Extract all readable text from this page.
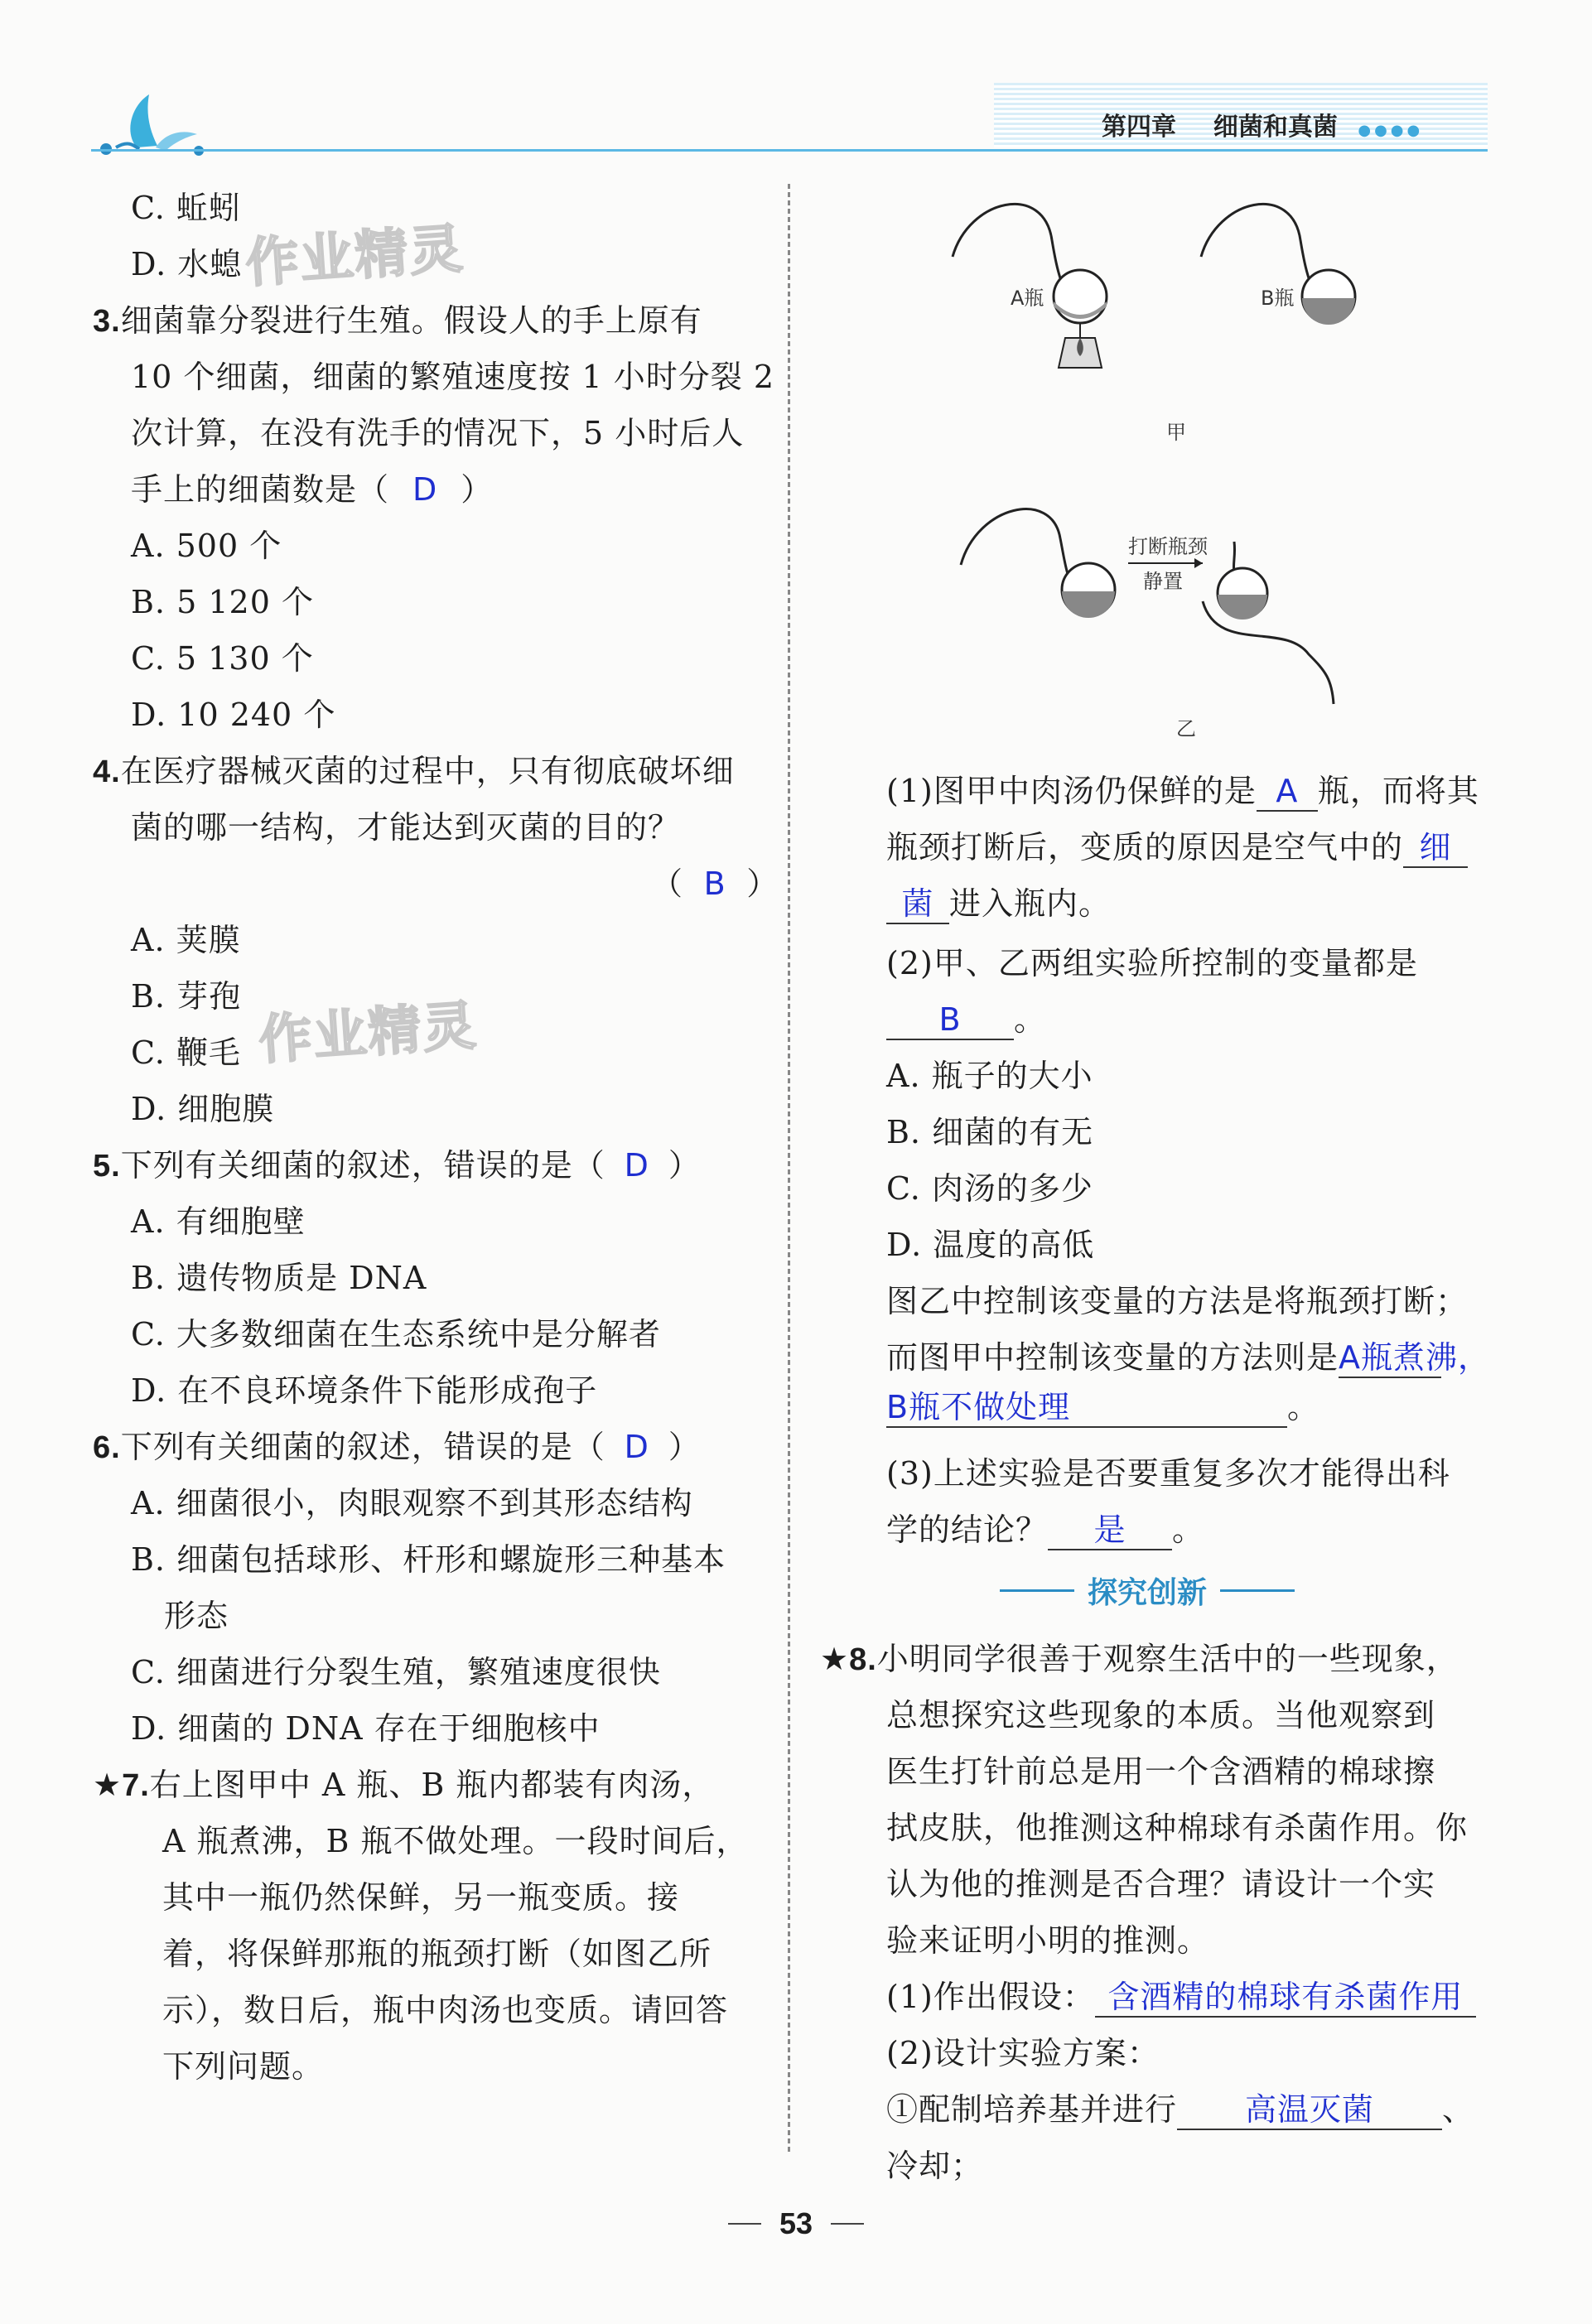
第四章 细菌和真菌 ●●●●
作业精灵
作业精灵
C. 蚯蚓
D. 水螅
3.细菌靠分裂进行生殖。假设人的手上原有
10 个细菌，细菌的繁殖速度按 1 小时分裂 2
次计算，在没有洗手的情况下，5 小时后人
手上的细菌数是（ D ）
A. 500 个
B. 5 120 个
C. 5 130 个
D. 10 240 个
4.在医疗器械灭菌的过程中，只有彻底破坏细
菌的哪一结构，才能达到灭菌的目的？
（ B ）
A. 荚膜
B. 芽孢
C. 鞭毛
D. 细胞膜
5.下列有关细菌的叙述，错误的是（ D ）
A. 有细胞壁
B. 遗传物质是 DNA
C. 大多数细菌在生态系统中是分解者
D. 在不良环境条件下能形成孢子
6.下列有关细菌的叙述，错误的是（ D ）
A. 细菌很小，肉眼观察不到其形态结构
B. 细菌包括球形、杆形和螺旋形三种基本
形态
C. 细菌进行分裂生殖，繁殖速度很快
D. 细菌的 DNA 存在于细胞核中
★7.右上图甲中 A 瓶、B 瓶内都装有肉汤，
A 瓶煮沸，B 瓶不做处理。一段时间后，
其中一瓶仍然保鲜，另一瓶变质。接
着，将保鲜那瓶的瓶颈打断（如图乙所
示），数日后，瓶中肉汤也变质。请回答
下列问题。
A瓶	B瓶
甲
打断瓶颈
静置
乙
(1)图甲中肉汤仍保鲜的是 A 瓶，而将其
瓶颈打断后，变质的原因是空气中的 细
菌 进入瓶内。
(2)甲、乙两组实验所控制的变量都是
B 。
A. 瓶子的大小
B. 细菌的有无
C. 肉汤的多少
D. 温度的高低
图乙中控制该变量的方法是将瓶颈打断；
而图甲中控制该变量的方法则是A瓶煮沸，
B瓶不做处理	。
(3)上述实验是否要重复多次才能得出科
学的结论？ 是 。
探究创新
★8.小明同学很善于观察生活中的一些现象，
总想探究这些现象的本质。当他观察到
医生打针前总是用一个含酒精的棉球擦
拭皮肤，他推测这种棉球有杀菌作用。你
认为他的推测是否合理？请设计一个实
验来证明小明的推测。
(1)作出假设： 含酒精的棉球有杀菌作用
(2)设计实验方案：
①配制培养基并进行 高温灭菌 、
冷却；
53
